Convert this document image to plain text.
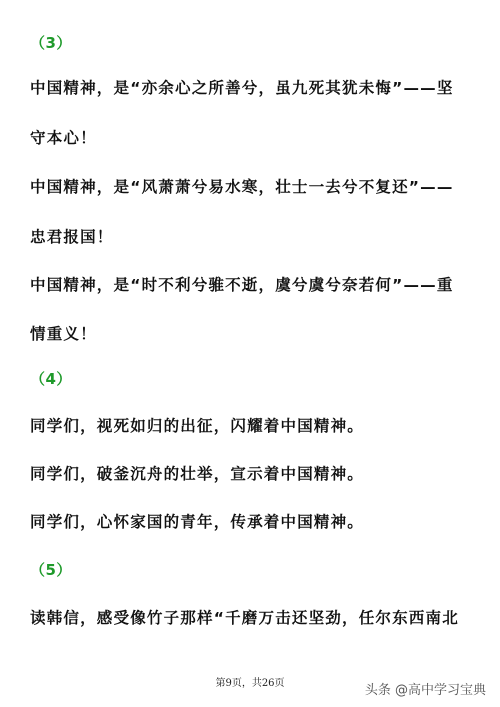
（3）

中国精神，是“亦余心之所善兮，虽九死其犹未悔”——坚

守本心！

中国精神，是“风萧萧兮易水寒，壮士一去兮不复还”——

忠君报国！

中国精神，是“时不利兮骓不逝，虞兮虞兮奈若何”——重

情重义！

（4）

同学们，视死如归的出征，闪耀着中国精神。

同学们，破釜沉舟的壮举，宣示着中国精神。

同学们，心怀家国的青年，传承着中国精神。

（5）

读韩信，感受像竹子那样“千磨万击还坚劲，任尔东西南北

第9页，共26页	头条 @高中学习宝典
